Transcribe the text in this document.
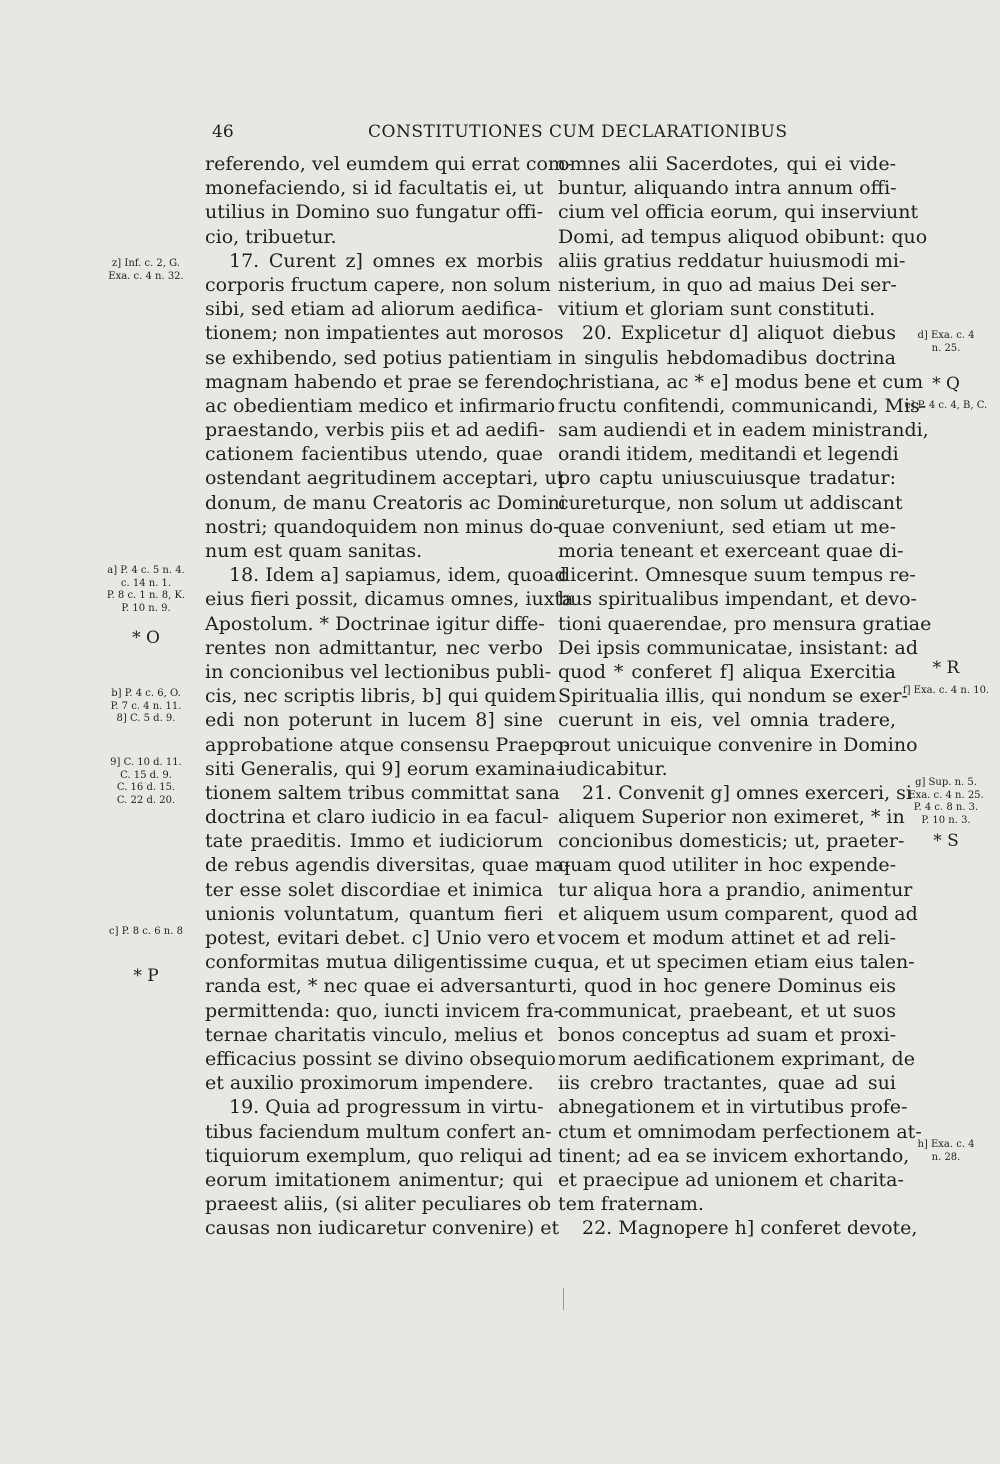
46	CONSTITUTIONES CUM DECLARATIONIBUS
referendo, vel eumdem qui errat com-
monefaciendo, si id facultatis ei, ut
utilius in Domino suo fungatur offi-
cio, tribuetur.
17. Curent z] omnes ex morbis
corporis fructum capere, non solum
sibi, sed etiam ad aliorum aedifica-
tionem; non impatientes aut morosos
se exhibendo, sed potius patientiam
magnam habendo et prae se ferendo,
ac obedientiam medico et infirmario
praestando, verbis piis et ad aedifi-
cationem facientibus utendo, quae
ostendant aegritudinem acceptari, ut
donum, de manu Creatoris ac Domini
nostri; quandoquidem non minus do-
num est quam sanitas.
18. Idem a] sapiamus, idem, quoad
eius fieri possit, dicamus omnes, iuxta
Apostolum. * Doctrinae igitur diffe-
rentes non admittantur, nec verbo
in concionibus vel lectionibus publi-
cis, nec scriptis libris, b] qui quidem
edi non poterunt in lucem 8] sine
approbatione atque consensu Praepo-
siti Generalis, qui 9] eorum examina-
tionem saltem tribus committat sana
doctrina et claro iudicio in ea facul-
tate praeditis. Immo et iudiciorum
de rebus agendis diversitas, quae ma-
ter esse solet discordiae et inimica
unionis voluntatum, quantum fieri
potest, evitari debet. c] Unio vero et
conformitas mutua diligentissime cu-
randa est, * nec quae ei adversantur
permittenda: quo, iuncti invicem fra-
ternae charitatis vinculo, melius et
efficacius possint se divino obsequio
et auxilio proximorum impendere.
19. Quia ad progressum in virtu-
tibus faciendum multum confert an-
tiquiorum exemplum, quo reliqui ad
eorum imitationem animentur; qui
praeest aliis, (si aliter peculiares ob
causas non iudicaretur convenire) et
omnes alii Sacerdotes, qui ei vide-
buntur, aliquando intra annum offi-
cium vel officia eorum, qui inserviunt
Domi, ad tempus aliquod obibunt: quo
aliis gratius reddatur huiusmodi mi-
nisterium, in quo ad maius Dei ser-
vitium et gloriam sunt constituti.
20. Explicetur d] aliquot diebus
in singulis hebdomadibus doctrina
christiana, ac * e] modus bene et cum
fructu confitendi, communicandi, Mis-
sam audiendi et in eadem ministrandi,
orandi itidem, meditandi et legendi
pro captu uniuscuiusque tradatur:
cureturque, non solum ut addiscant
quae conveniunt, sed etiam ut me-
moria teneant et exerceant quae di-
dicerint. Omnesque suum tempus re-
bus spiritualibus impendant, et devo-
tioni quaerendae, pro mensura gratiae
Dei ipsis communicatae, insistant: ad
quod * conferet f] aliqua Exercitia
Spiritualia illis, qui nondum se exer-
cuerunt in eis, vel omnia tradere,
prout unicuique convenire in Domino
iudicabitur.
21. Convenit g] omnes exerceri, si
aliquem Superior non eximeret, * in
concionibus domesticis; ut, praeter-
quam quod utiliter in hoc expende-
tur aliqua hora a prandio, animentur
et aliquem usum comparent, quod ad
vocem et modum attinet et ad reli-
qua, et ut specimen etiam eius talen-
ti, quod in hoc genere Dominus eis
communicat, praebeant, et ut suos
bonos conceptus ad suam et proxi-
morum aedificationem exprimant, de
iis crebro tractantes, quae ad sui
abnegationem et in virtutibus profe-
ctum et omnimodam perfectionem at-
tinent; ad ea se invicem exhortando,
et praecipue ad unionem et charita-
tem fraternam.
22. Magnopere h] conferet devote,
z] Inf. c. 2, G.
Exa. c. 4 n. 32.
a] P. 4 c. 5 n. 4.
c. 14 n. 1.
P. 8 c. 1 n. 8, K.
P. 10 n. 9.
* O
b] P. 4 c. 6, O.
P. 7 c. 4 n. 11.
8] C. 5 d. 9.
9] C. 10 d. 11.
C. 15 d. 9.
C. 16 d. 15.
C. 22 d. 20.
c] P. 8 c. 6 n. 8
* P
d] Exa. c. 4
n. 25.
* Q
e] P. 4 c. 4, B, C.
* R
f] Exa. c. 4 n. 10.
g] Sup. n. 5.
Exa. c. 4 n. 25.
P. 4 c. 8 n. 3.
P. 10 n. 3.
* S
h] Exa. c. 4
n. 28.
